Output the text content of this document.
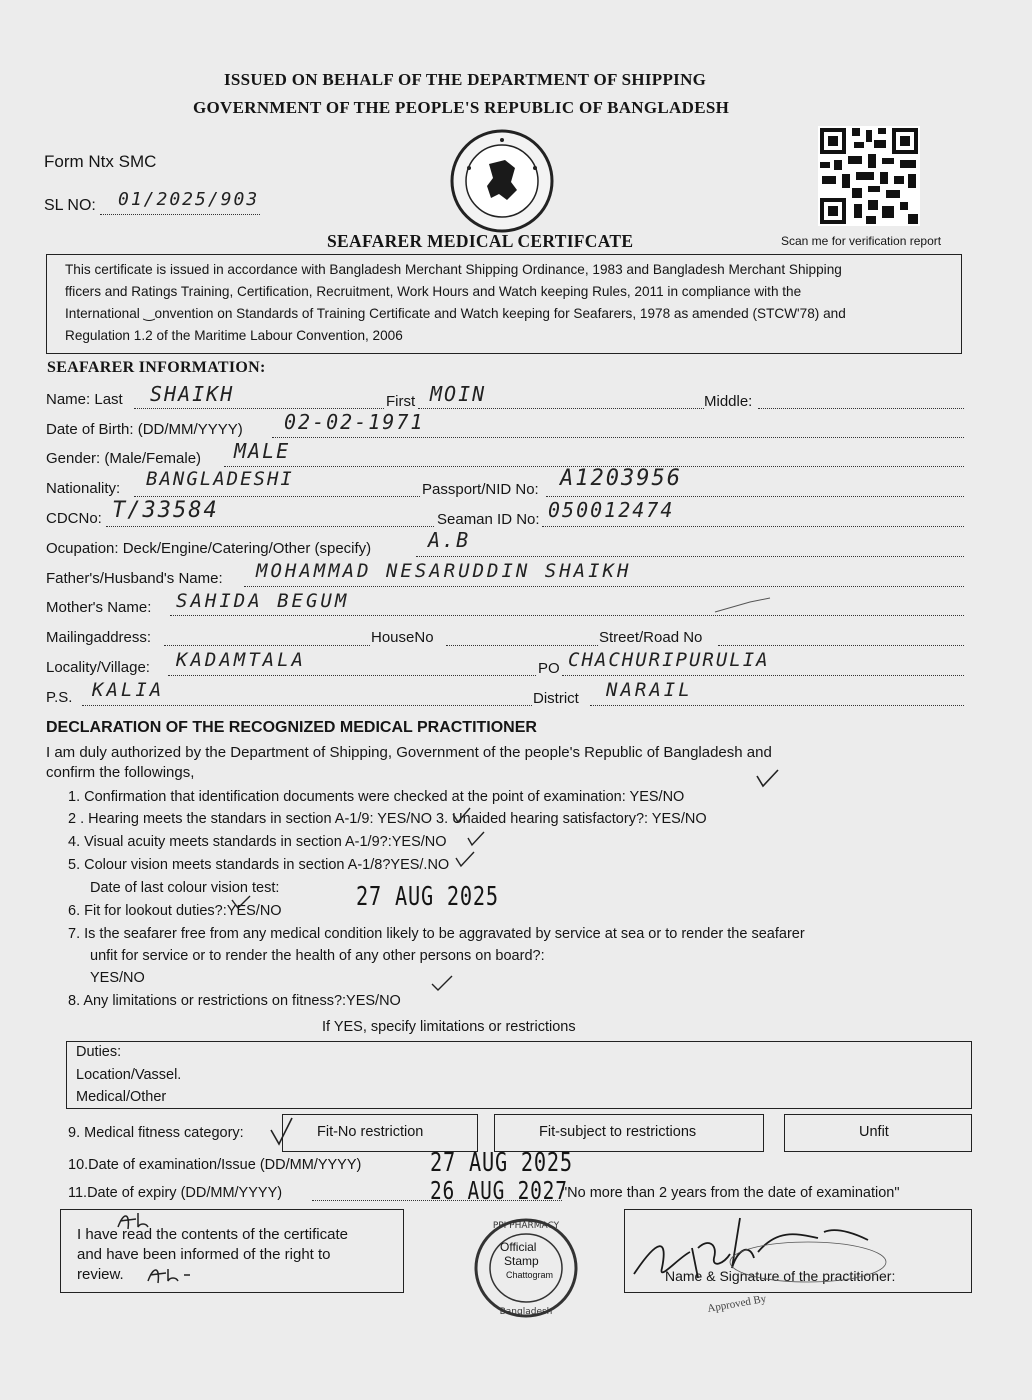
ISSUED ON BEHALF OF THE DEPARTMENT OF SHIPPING
GOVERNMENT OF THE PEOPLE'S REPUBLIC OF BANGLADESH
Form Ntx SMC
SL NO: 01/2025/903
Scan me for verification report
SEAFARER MEDICAL CERTIFCATE
This certificate is issued in accordance with Bangladesh Merchant Shipping Ordinance, 1983 and Bangladesh Merchant Shipping
fficers and Ratings Training, Certification, Recruitment, Work Hours and Watch keeping Rules, 2011 in compliance with the
International ‿onvention on Standards of Training Certificate and Watch keeping for Seafarers, 1978 as amended (STCW'78) and
Regulation 1.2 of the Maritime Labour Convention, 2006
SEAFARER INFORMATION:
Name: Last SHAIKH	First MOIN	Middle:
Date of Birth: (DD/MM/YYYY) 02-02-1971
Gender: (Male/Female) MALE
Nationality: BANGLADESHI	Passport/NID No: A1203956
CDCNo: T/33584	Seaman ID No: 050012474
Ocupation: Deck/Engine/Catering/Other (specify)	A.B
Father's/Husband's Name: MOHAMMAD NESARUDDIN SHAIKH
Mother's Name: SAHIDA BEGUM
Mailingaddress:	HouseNo	Street/Road No
Locality/Village: KADAMTALA	PO CHACHURIPURULIA
P.S. KALIA	District NARAIL
DECLARATION OF THE RECOGNIZED MEDICAL PRACTITIONER
I am duly authorized by the Department of Shipping, Government of the people's Republic of Bangladesh and
confirm the followings,
1. Confirmation that identification documents were checked at the point of examination: YES/NO
2 . Hearing meets the standars in section A-1/9: YES/NO 3. Unaided hearing satisfactory?: YES/NO
4. Visual acuity meets standards in section A-1/9?:YES/NO
5. Colour vision meets standards in section A-1/8?YES/.NO
Date of last colour vision test:	27 AUG 2025
6. Fit for lookout duties?:YES/NO
7. Is the seafarer free from any medical condition likely to be aggravated by service at sea or to render the seafarer
unfit for service or to render the health of any other persons on board?:
YES/NO
8. Any limitations or restrictions on fitness?:YES/NO
If YES, specify limitations or restrictions
Duties:
Location/Vassel.
Medical/Other
9. Medical fitness category:	Fit-No restriction	Fit-subject to restrictions	Unfit
10.Date of examination/Issue (DD/MM/YYYY)	27 AUG 2025
11.Date of expiry (DD/MM/YYYY)	26 AUG 2027
"No more than 2 years from the date of examination"
I have read the contents of the certificate
and have been informed of the right to
review.
PPI PHARMACY
Bangladesh
Official
Stamp
Chattogram	Name & Signature of the practitioner:
Approved By
